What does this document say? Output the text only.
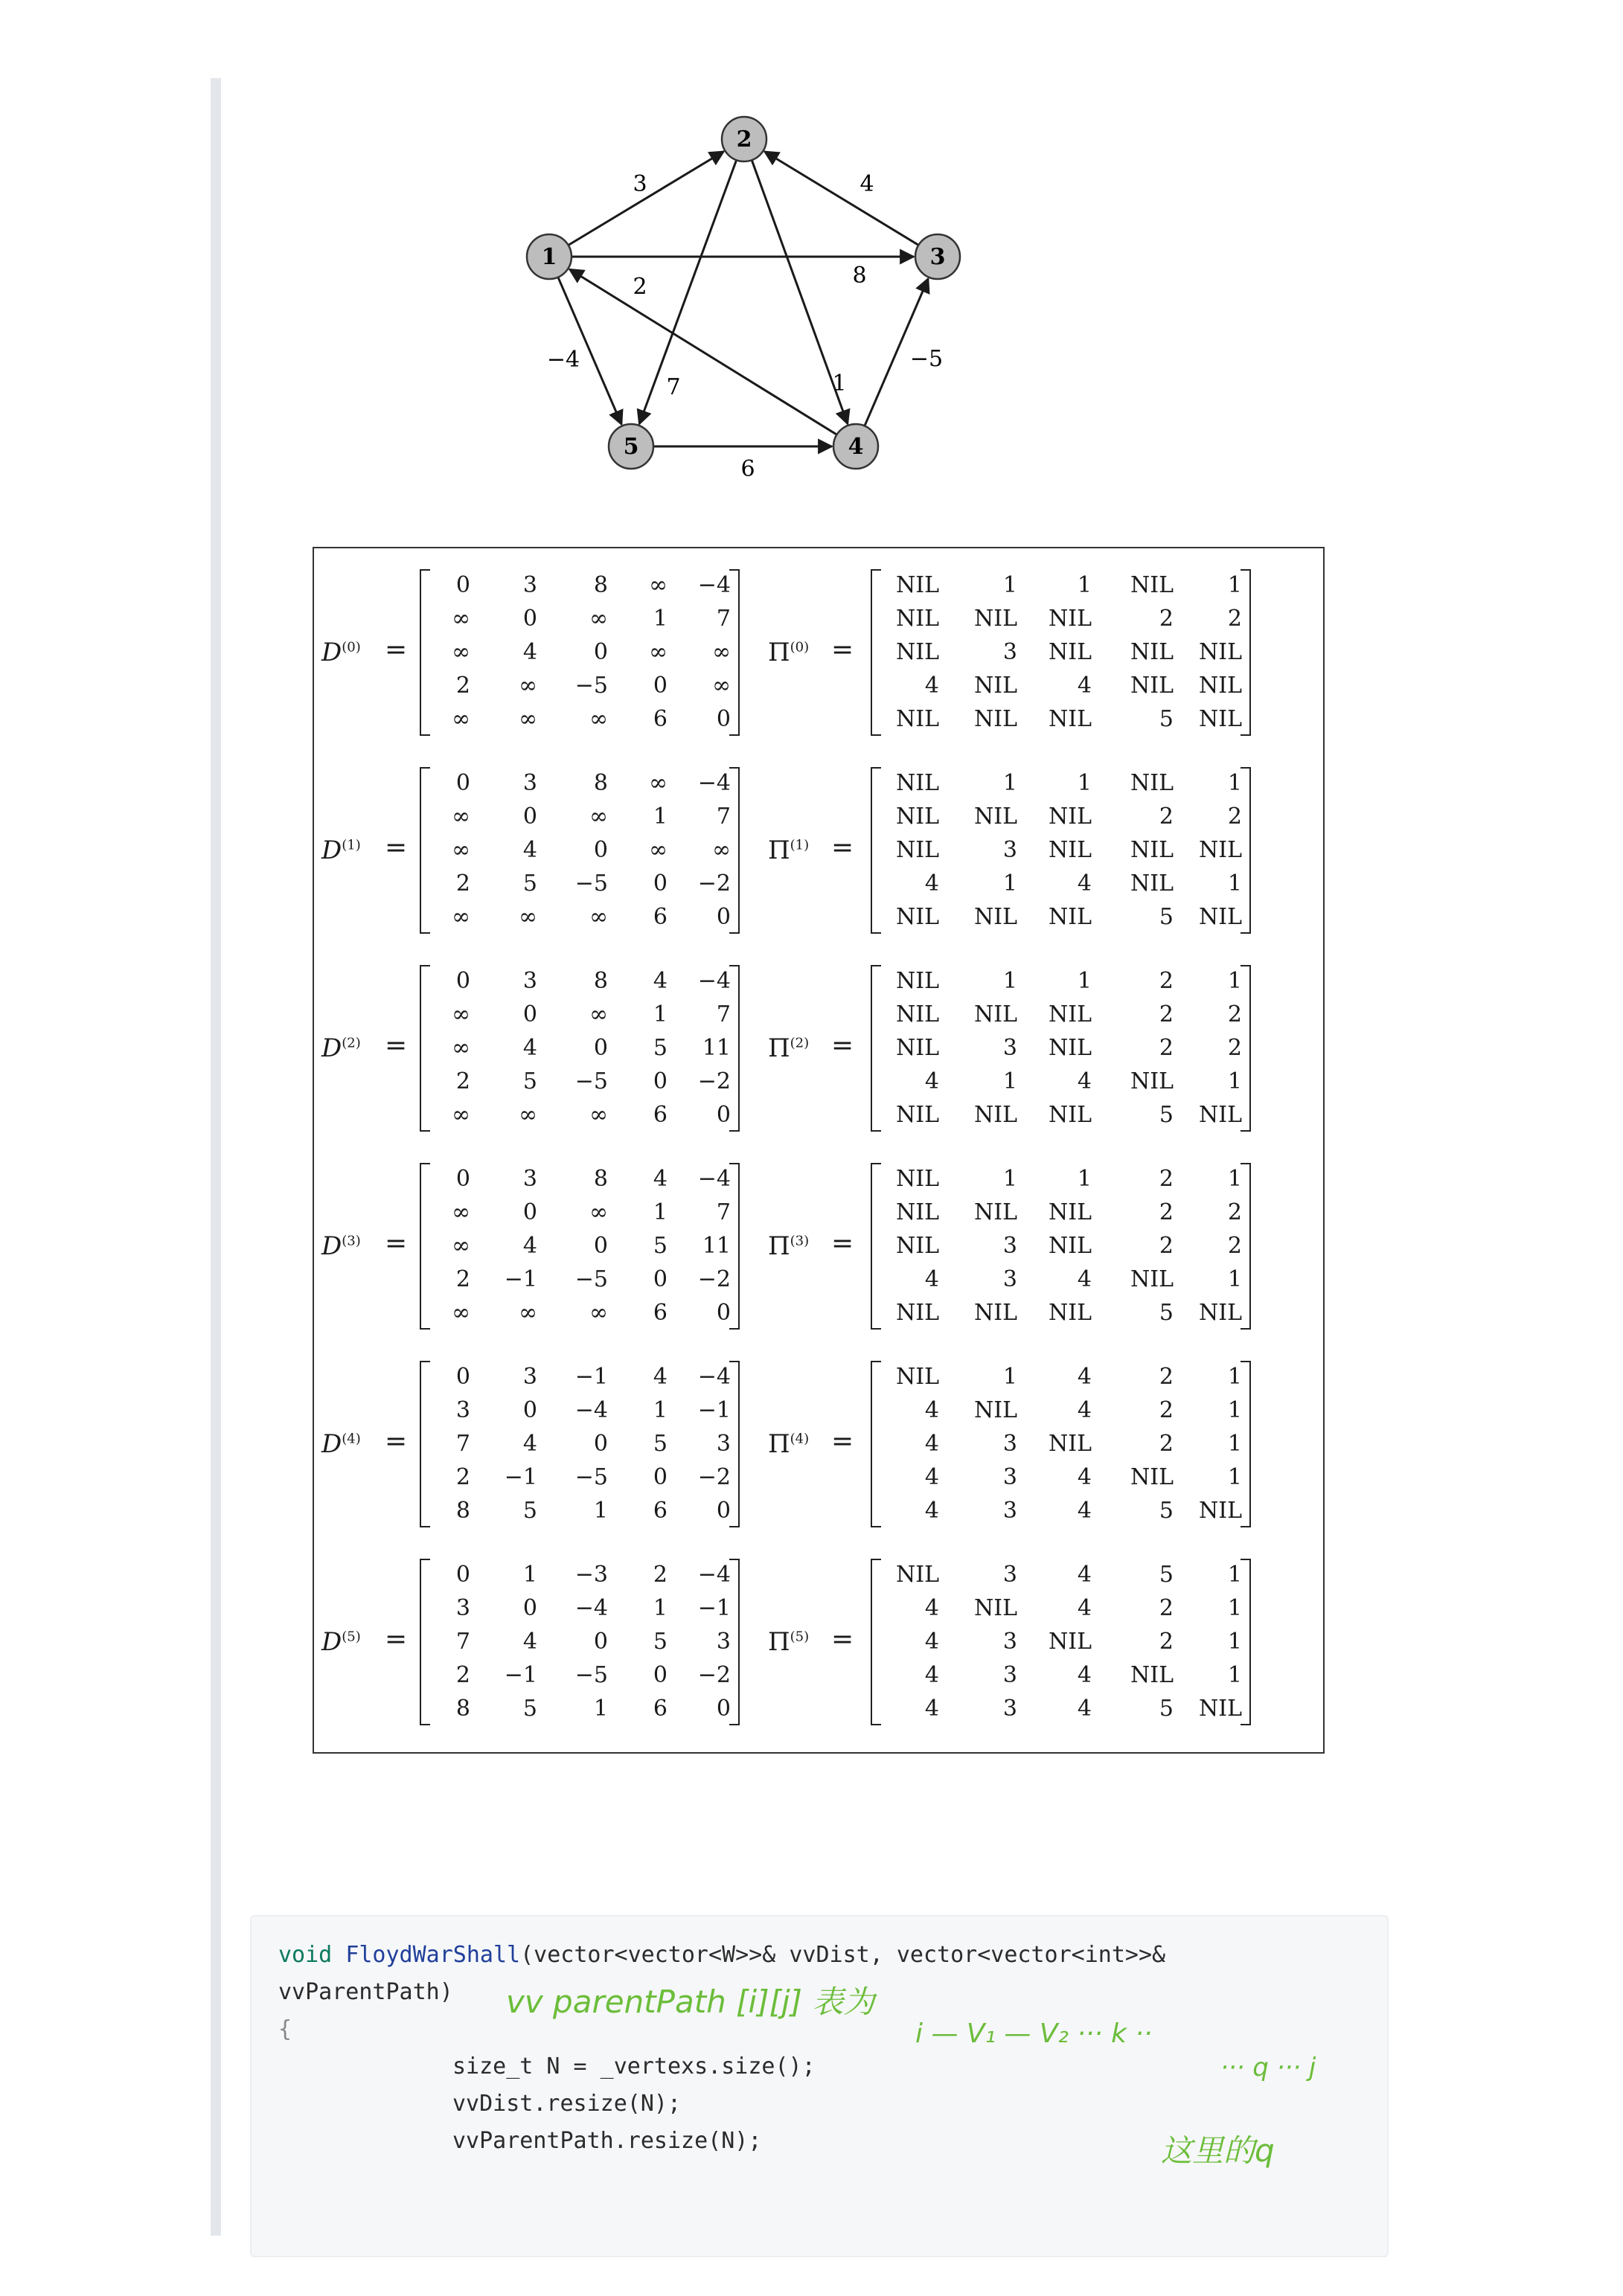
3
8
−4
1
7
4
2
−5
6
1
2
3
4
5
$D^{(0)}$ =
0	3	8	∞	−4
∞	0	∞	1	7
∞	4	0	∞	∞
2	∞	−5	0	∞
∞	∞	∞	6	0
$\Pi^{(0)}$ =
NIL	1	1	NIL	1
NIL	NIL	NIL	2	2
NIL	3	NIL	NIL	NIL
4	NIL	4	NIL	NIL
NIL	NIL	NIL	5	NIL
$D^{(1)}$ =
0	3	8	∞	−4
∞	0	∞	1	7
∞	4	0	∞	∞
2	5	−5	0	−2
∞	∞	∞	6	0
$\Pi^{(1)}$ =
NIL	1	1	NIL	1
NIL	NIL	NIL	2	2
NIL	3	NIL	NIL	NIL
4	1	4	NIL	1
NIL	NIL	NIL	5	NIL
$D^{(2)}$ =
0	3	8	4	−4
∞	0	∞	1	7
∞	4	0	5	11
2	5	−5	0	−2
∞	∞	∞	6	0
$\Pi^{(2)}$ =
NIL	1	1	2	1
NIL	NIL	NIL	2	2
NIL	3	NIL	2	2
4	1	4	NIL	1
NIL	NIL	NIL	5	NIL
$D^{(3)}$ =
0	3	8	4	−4
∞	0	∞	1	7
∞	4	0	5	11
2	−1	−5	0	−2
∞	∞	∞	6	0
$\Pi^{(3)}$ =
NIL	1	1	2	1
NIL	NIL	NIL	2	2
NIL	3	NIL	2	2
4	3	4	NIL	1
NIL	NIL	NIL	5	NIL
$D^{(4)}$ =
0	3	−1	4	−4
3	0	−4	1	−1
7	4	0	5	3
2	−1	−5	0	−2
8	5	1	6	0
$\Pi^{(4)}$ =
NIL	1	4	2	1
4	NIL	4	2	1
4	3	NIL	2	1
4	3	4	NIL	1
4	3	4	5	NIL
$D^{(5)}$ =
0	1	−3	2	−4
3	0	−4	1	−1
7	4	0	5	3
2	−1	−5	0	−2
8	5	1	6	0
$\Pi^{(5)}$ =
NIL	3	4	5	1
4	NIL	4	2	1
4	3	NIL	2	1
4	3	4	NIL	1
4	3	4	5	NIL
void FloydWarShall(vector<vector<W>>& vvDist, vector<vector<int>>&
vvParentPath)
{
size_t N = _vertexs.size();
vvDist.resize(N);
vvParentPath.resize(N);
vv parentPath [i][j] 表为
i — V₁ — V₂ ··· k ··
··· q ··· j
这里的q
